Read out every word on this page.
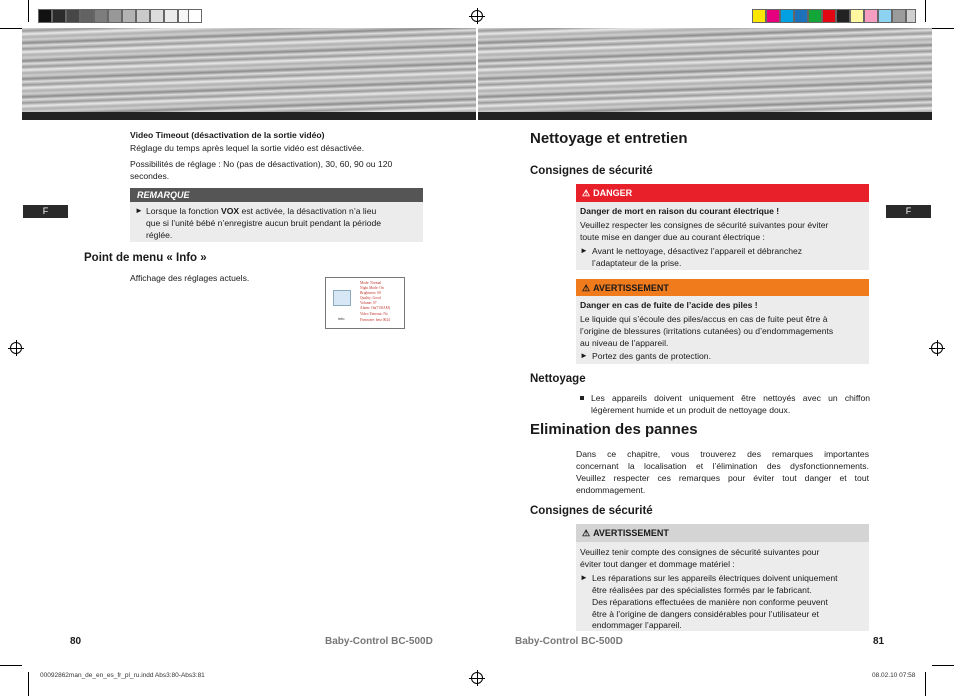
F	F
Video Timeout (désactivation de la sortie vidéo)
Réglage du temps après lequel la sortie vidéo est désactivée.
Possibilités de réglage : No (pas de désactivation), 30, 60, 90 ou 120
secondes.
REMARQUE
► Lorsque la fonction VOX est activée, la désactivation n’a lieu
que si l’unité bébé n’enregistre aucun bruit pendant la période
réglée.
Point de menu « Info »
Affichage des réglages actuels.
info
Mode: Normal
Night Mode: On
Brightness: 00
Quality: Good
Volume: 07
Alarm: On(7:00AM)
Video Timeout: No
Firmware: beta 0024
80	Baby-Control BC-500D
00092862man_de_en_es_fr_pl_ru.indd Abs3:80-Abs3:81
Nettoyage et entretien
Consignes de sécurité
⚠ DANGER
Danger de mort en raison du courant électrique !
Veuillez respecter les consignes de sécurité suivantes pour éviter
toute mise en danger due au courant électrique :
► Avant le nettoyage, désactivez l’appareil et débranchez
l’adaptateur de la prise.
⚠ AVERTISSEMENT
Danger en cas de fuite de l’acide des piles !
Le liquide qui s’écoule des piles/accus en cas de fuite peut être à
l’origine de blessures (irritations cutanées) ou d’endommagements
au niveau de l’appareil.
► Portez des gants de protection.
Nettoyage
Les appareils doivent uniquement être nettoyés avec un chiffon
légèrement humide et un produit de nettoyage doux.
Elimination des pannes
Dans ce chapitre, vous trouverez des remarques importantes
concernant la localisation et l’élimination des dysfonctionnements.
Veuillez respecter ces remarques pour éviter tout danger et tout
endommagement.
Consignes de sécurité
⚠ AVERTISSEMENT
Veuillez tenir compte des consignes de sécurité suivantes pour
éviter tout danger et dommage matériel :
► Les réparations sur les appareils électriques doivent uniquement
être réalisées par des spécialistes formés par le fabricant.
Des réparations effectuées de manière non conforme peuvent
être à l’origine de dangers considérables pour l’utilisateur et
endommager l’appareil.
Baby-Control BC-500D	81
08.02.10 07:58
